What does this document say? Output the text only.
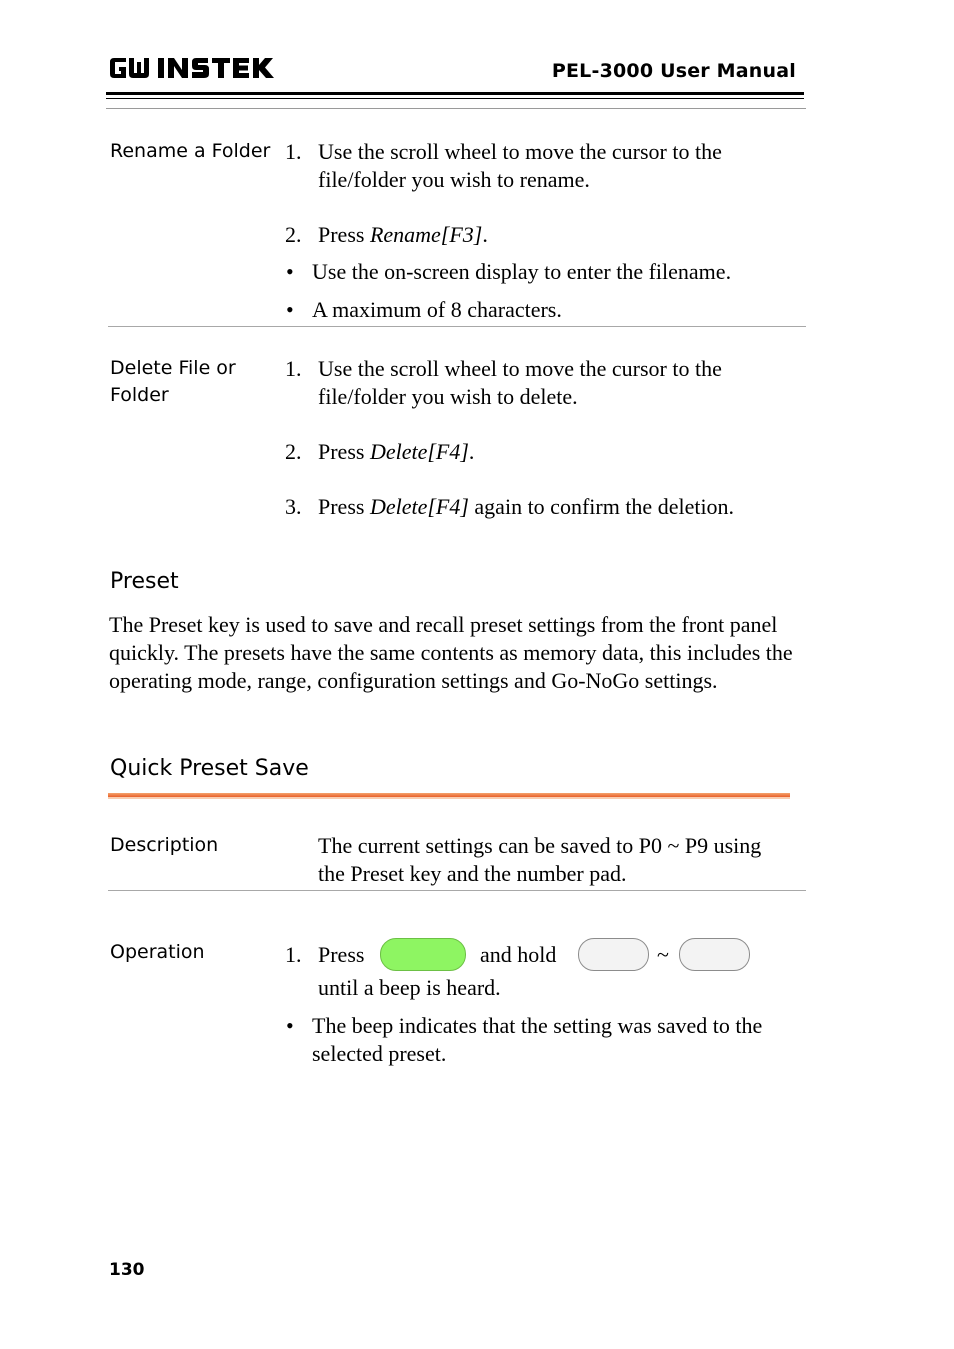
PEL-3000 User Manual
Rename a Folder 1. Use the scroll wheel to move the cursor to the file/folder you wish to rename.
2. Press Rename[F3].
• Use the on-screen display to enter the filename.
• A maximum of 8 characters.
Delete File or Folder
1. Use the scroll wheel to move the cursor to the file/folder you wish to delete.
2. Press Delete[F4].
3. Press Delete[F4] again to confirm the deletion.
Preset
The Preset key is used to save and recall preset settings from the front panel quickly. The presets have the same contents as memory data, this includes the operating mode, range, configuration settings and Go-NoGo settings.
Quick Preset Save
Description	The current settings can be saved to P0 ~ P9 using the Preset key and the number pad.
Operation	1. Press	and hold	~
until a beep is heard.
• The beep indicates that the setting was saved to the selected preset.
130
